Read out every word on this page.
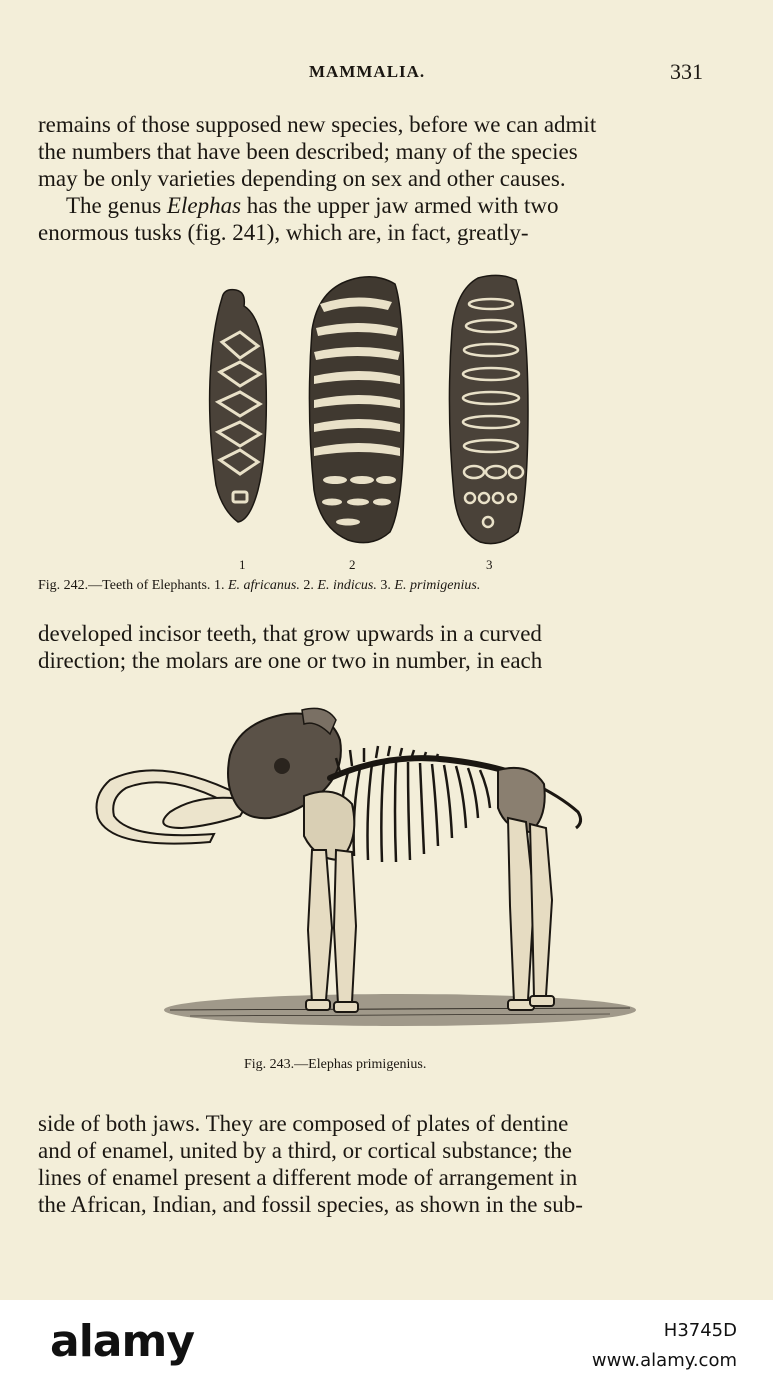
MAMMALIA.	331

remains of those supposed new species, before we can admit
the numbers that have been described; many of the species
may be only varieties depending on sex and other causes.

The genus Elephas has the upper jaw armed with two
enormous tusks (fig. 241), which are, in fact, greatly-

1	2	3
Fig. 242.—Teeth of Elephants. 1. E. africanus. 2. E. indicus. 3. E. primigenius.

developed incisor teeth, that grow upwards in a curved
direction; the molars are one or two in number, in each

Fig. 243.—Elephas primigenius.

side of both jaws. They are composed of plates of dentine
and of enamel, united by a third, or cortical substance; the
lines of enamel present a different mode of arrangement in
the African, Indian, and fossil species, as shown in the sub-

alamy	H3745D
www.alamy.com
